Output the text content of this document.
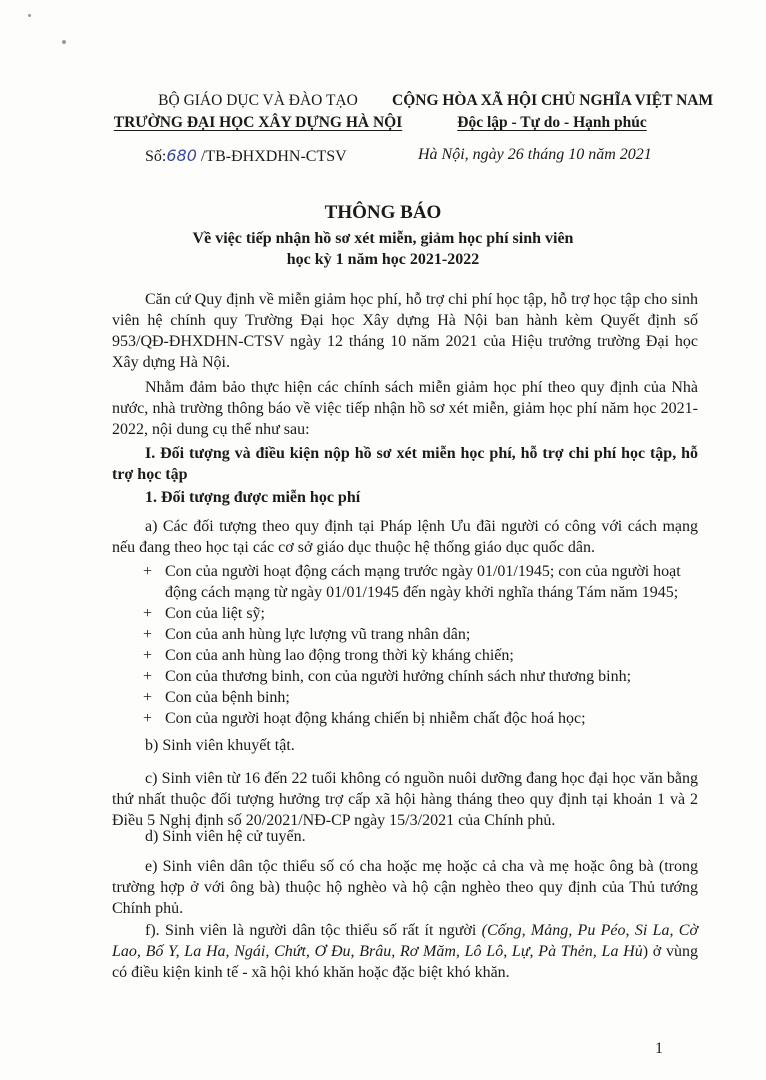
BỘ GIÁO DỤC VÀ ĐÀO TẠO
TRƯỜNG ĐẠI HỌC XÂY DỰNG HÀ NỘI
CỘNG HÒA XÃ HỘI CHỦ NGHĨA VIỆT NAM
Độc lập - Tự do - Hạnh phúc
Số:680 /TB-ĐHXDHN-CTSV	Hà Nội, ngày 26 tháng 10 năm 2021
THÔNG BÁO
Về việc tiếp nhận hồ sơ xét miễn, giảm học phí sinh viên
học kỳ 1 năm học 2021-2022
Căn cứ Quy định về miễn giảm học phí, hỗ trợ chi phí học tập, hỗ trợ học tập cho sinh viên hệ chính quy Trường Đại học Xây dựng Hà Nội ban hành kèm Quyết định số 953/QĐ-ĐHXDHN-CTSV ngày 12 tháng 10 năm 2021 của Hiệu trưởng trường Đại học Xây dựng Hà Nội.
Nhằm đảm bảo thực hiện các chính sách miễn giảm học phí theo quy định của Nhà nước, nhà trường thông báo về việc tiếp nhận hồ sơ xét miễn, giảm học phí năm học 2021-2022, nội dung cụ thể như sau:
I. Đối tượng và điều kiện nộp hồ sơ xét miễn học phí, hỗ trợ chi phí học tập, hỗ trợ học tập
1. Đối tượng được miễn học phí
a) Các đối tượng theo quy định tại Pháp lệnh Ưu đãi người có công với cách mạng nếu đang theo học tại các cơ sở giáo dục thuộc hệ thống giáo dục quốc dân.
+ Con của người hoạt động cách mạng trước ngày 01/01/1945; con của người hoạt động cách mạng từ ngày 01/01/1945 đến ngày khởi nghĩa tháng Tám năm 1945;
+ Con của liệt sỹ;
+ Con của anh hùng lực lượng vũ trang nhân dân;
+ Con của anh hùng lao động trong thời kỳ kháng chiến;
+ Con của thương binh, con của người hưởng chính sách như thương binh;
+ Con của bệnh binh;
+ Con của người hoạt động kháng chiến bị nhiễm chất độc hoá học;
b) Sinh viên khuyết tật.
c) Sinh viên từ 16 đến 22 tuổi không có nguồn nuôi dưỡng đang học đại học văn bằng thứ nhất thuộc đối tượng hưởng trợ cấp xã hội hàng tháng theo quy định tại khoản 1 và 2 Điều 5 Nghị định số 20/2021/NĐ-CP ngày 15/3/2021 của Chính phủ.
d) Sinh viên hệ cử tuyển.
e) Sinh viên dân tộc thiểu số có cha hoặc mẹ hoặc cả cha và mẹ hoặc ông bà (trong trường hợp ở với ông bà) thuộc hộ nghèo và hộ cận nghèo theo quy định của Thủ tướng Chính phủ.
f). Sinh viên là người dân tộc thiểu số rất ít người (Cống, Mảng, Pu Péo, Si La, Cờ Lao, Bố Y, La Ha, Ngái, Chứt, Ơ Đu, Brâu, Rơ Măm, Lô Lô, Lự, Pà Thẻn, La Hủ) ở vùng có điều kiện kinh tế - xã hội khó khăn hoặc đặc biệt khó khăn.
1
